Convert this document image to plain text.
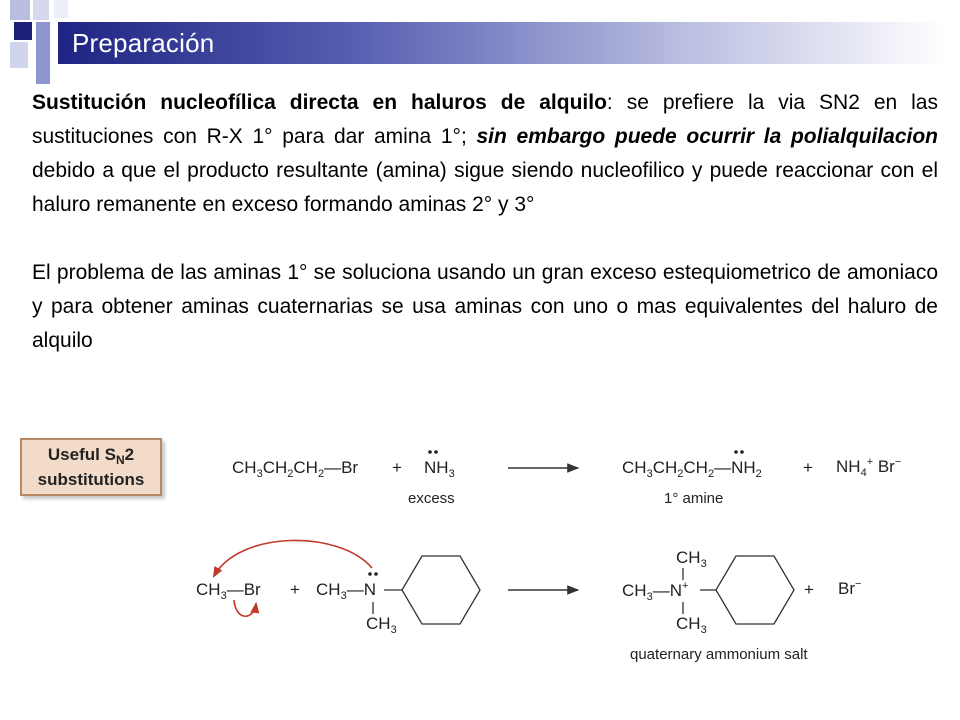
Preparación

Sustitución nucleofílica directa en haluros de alquilo: se prefiere la via SN2 en las sustituciones con R-X 1° para dar amina 1°; sin embargo puede ocurrir la polialquilacion debido a que el producto resultante (amina) sigue siendo nucleofilico y puede reaccionar con el haluro remanente en exceso formando aminas 2° y 3°

El problema de las aminas 1° se soluciona usando un gran exceso estequiometrico de amoniaco y para obtener aminas cuaternarias se usa aminas con uno o mas equivalentes del haluro de alquilo

Useful $S_N2$
substitutions
$CH_3CH_2CH_2—Br + NH_3$
excess
$CH_3CH_2CH_2—NH_2 + NH_4^+$ Br−
1° amine
$CH_3—Br$ + $CH_3—N$
$CH_3$
$CH_3$
$CH_3—N^+$
$CH_3$
+ Br−
quaternary ammonium salt
